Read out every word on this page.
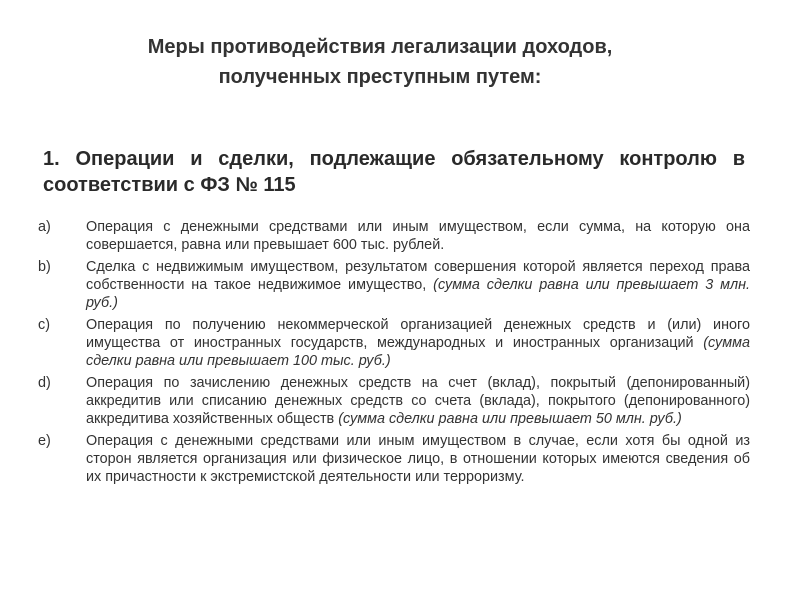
Меры противодействия легализации доходов,
полученных преступным путем:
1. Операции и сделки, подлежащие обязательному контролю в соответствии с ФЗ № 115
a)	Операция с денежными средствами или иным имуществом, если сумма, на которую она совершается, равна или превышает 600 тыс. рублей.
b)	Сделка с недвижимым имуществом, результатом совершения которой является переход права собственности на такое недвижимое имущество, (сумма сделки равна или превышает 3 млн. руб.)
c)	Операция по получению некоммерческой организацией денежных средств и (или) иного имущества от иностранных государств, международных и иностранных организаций (сумма сделки равна или превышает 100 тыс. руб.)
d)	Операция по зачислению денежных средств на счет (вклад), покрытый (депонированный) аккредитив или списанию денежных средств со счета (вклада), покрытого (депонированного) аккредитива хозяйственных обществ (сумма сделки равна или превышает 50 млн. руб.)
e)	Операция с денежными средствами или иным имуществом в случае, если хотя бы одной из сторон является организация или физическое лицо, в отношении которых имеются сведения об их причастности к экстремистской деятельности или терроризму.
